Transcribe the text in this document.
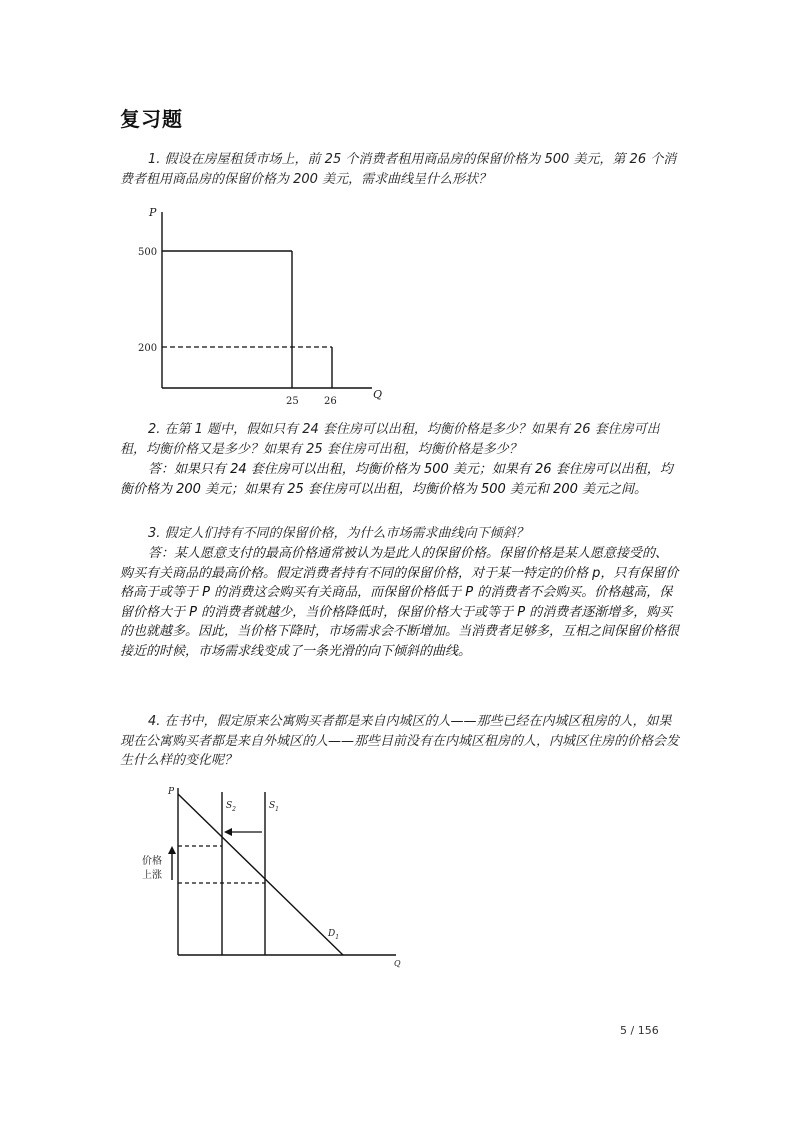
复习题

1. 假设在房屋租赁市场上，前 25 个消费者租用商品房的保留价格为 500 美元，第 26 个消费者租用商品房的保留价格为 200 美元，需求曲线呈什么形状？

P
Q
500
200
25	26

2. 在第 1 题中，假如只有 24 套住房可以出租，均衡价格是多少？如果有 26 套住房可出租，均衡价格又是多少？如果有 25 套住房可出租，均衡价格是多少？

答：如果只有 24 套住房可以出租，均衡价格为 500 美元；如果有 26 套住房可以出租，均衡价格为 200 美元；如果有 25 套住房可以出租，均衡价格为 500 美元和 200 美元之间。

3. 假定人们持有不同的保留价格，为什么市场需求曲线向下倾斜？

答：某人愿意支付的最高价格通常被认为是此人的保留价格。保留价格是某人愿意接受的、购买有关商品的最高价格。假定消费者持有不同的保留价格，对于某一特定的价格 p，只有保留价格高于或等于 P 的消费这会购买有关商品，而保留价格低于 P 的消费者不会购买。价格越高，保留价格大于 P 的消费者就越少，当价格降低时，保留价格大于或等于 P 的消费者逐渐增多，购买的也就越多。因此，当价格下降时，市场需求会不断增加。当消费者足够多，互相之间保留价格很接近的时候，市场需求线变成了一条光滑的向下倾斜的曲线。

4. 在书中，假定原来公寓购买者都是来自内城区的人——那些已经在内城区租房的人，如果现在公寓购买者都是来自外城区的人——那些目前没有在内城区租房的人，内城区住房的价格会发生什么样的变化呢？

P
Q
$S_2$	$S_1$
$D_1$
价格
上涨
5 / 156
